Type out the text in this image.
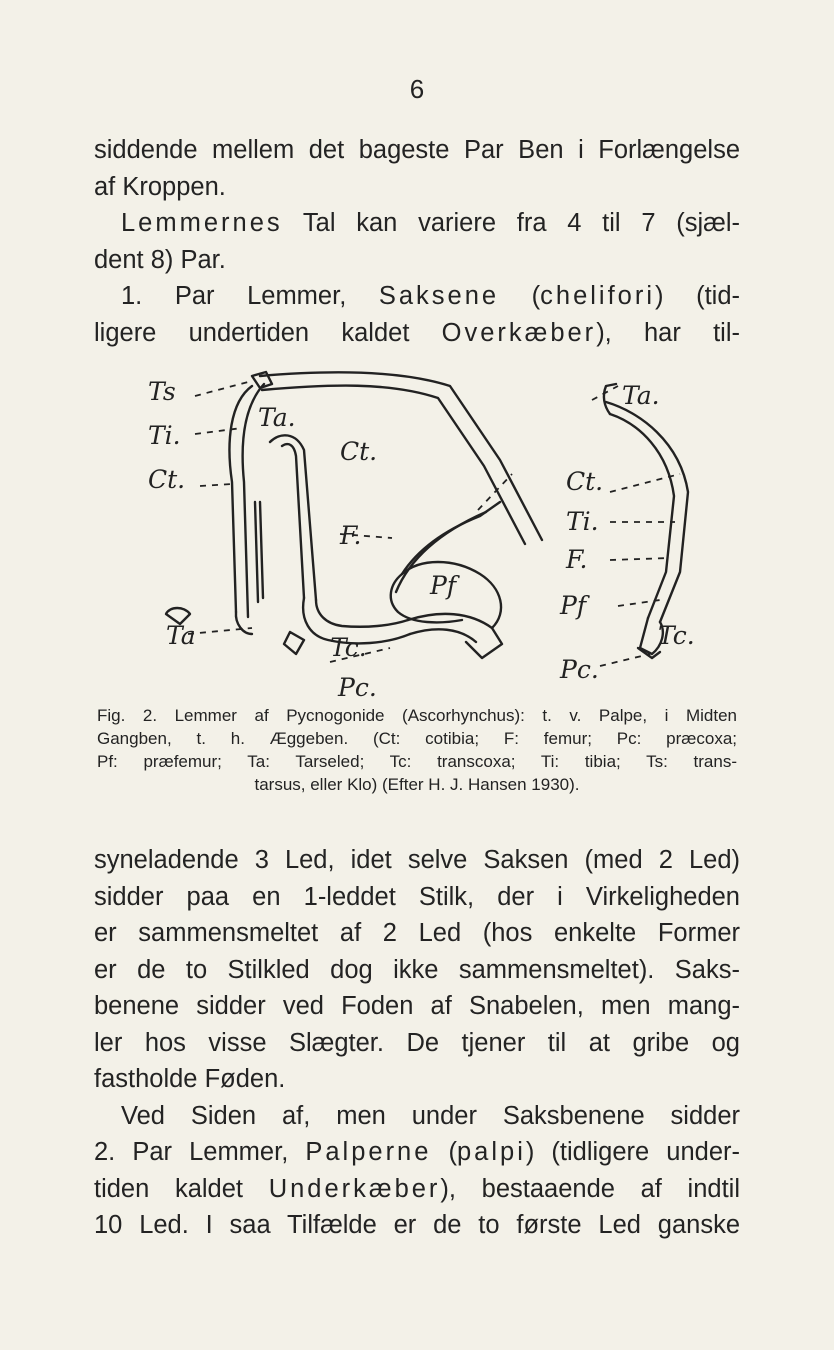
6
siddende mellem det bageste Par Ben i Forlængelse
af Kroppen.
Lemmernes Tal kan variere fra 4 til 7 (sjæl-
dent 8) Par.
1. Par Lemmer, Saksene (chelifori) (tid-
ligere undertiden kaldet Overkæber), har til-
Ts
Ti.
Ct.
Ta
Ta.
Ct.
F.
Tc.
Pc.
Pf
Ta.
Ct.
Ti.
F.
Pf
Pc.
Tc.
Fig. 2. Lemmer af Pycnogonide (Ascorhynchus): t. v. Palpe, i Midten
Gangben, t. h. Æggeben. (Ct: cotibia; F: femur; Pc: præcoxa;
Pf: præfemur; Ta: Tarseled; Tc: transcoxa; Ti: tibia; Ts: trans-
tarsus, eller Klo) (Efter H. J. Hansen 1930).
syneladende 3 Led, idet selve Saksen (med 2 Led)
sidder paa en 1-leddet Stilk, der i Virkeligheden
er sammensmeltet af 2 Led (hos enkelte Former
er de to Stilkled dog ikke sammensmeltet). Saks-
benene sidder ved Foden af Snabelen, men mang-
ler hos visse Slægter. De tjener til at gribe og
fastholde Føden.
Ved Siden af, men under Saksbenene sidder
2. Par Lemmer, Palperne (palpi) (tidligere under-
tiden kaldet Underkæber), bestaaende af indtil
10 Led. I saa Tilfælde er de to første Led ganske
